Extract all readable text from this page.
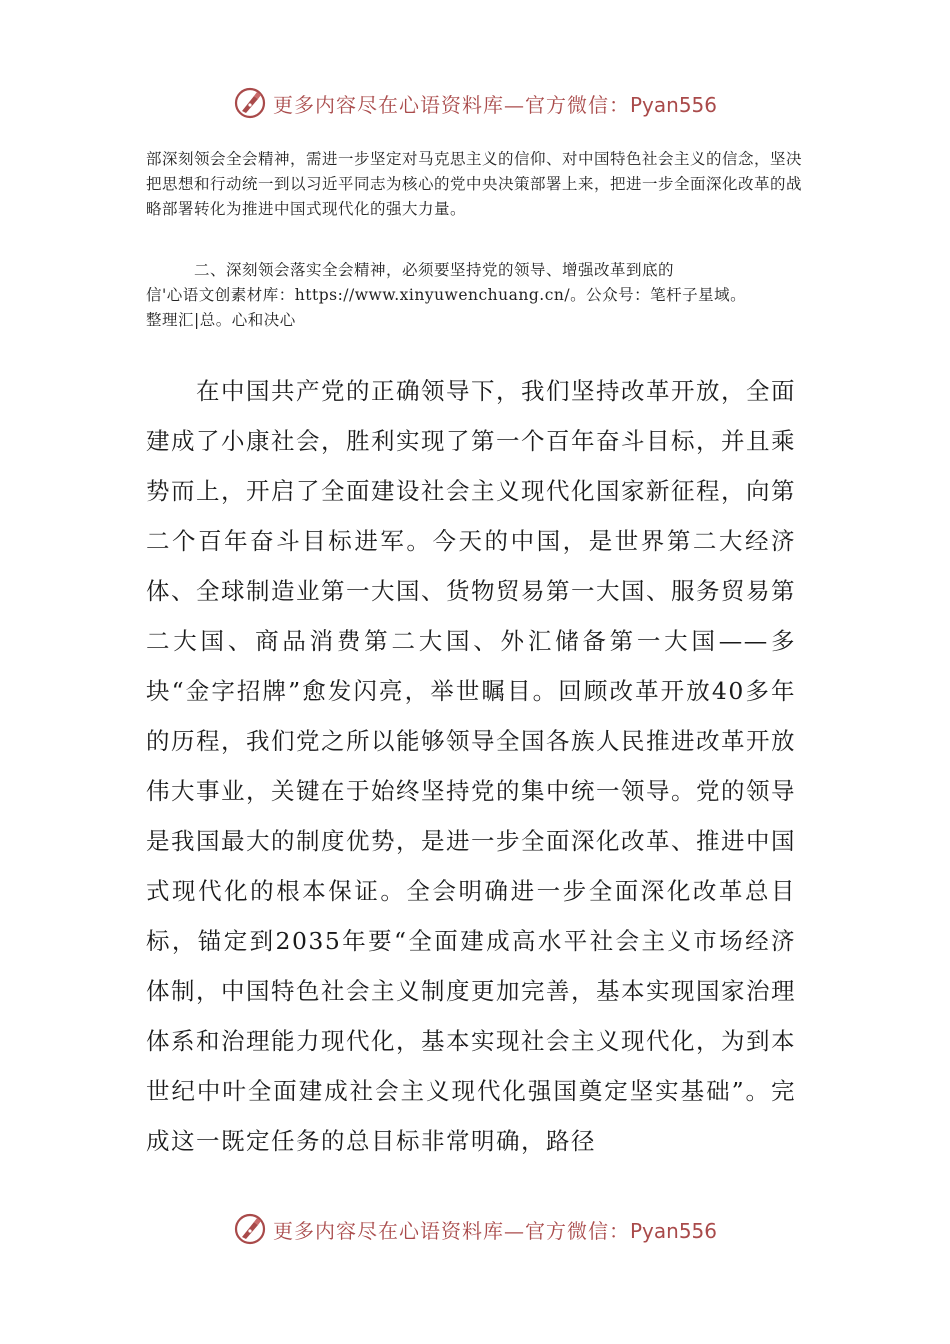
更多内容尽在心语资料库—官方微信：Pyan556

部深刻领会全会精神，需进一步坚定对马克思主义的信仰、对中国特色社会主义的信念，坚决把思想和行动统一到以习近平同志为核心的党中央决策部署上来，把进一步全面深化改革的战略部署转化为推进中国式现代化的强大力量。

二、深刻领会落实全会精神，必须要坚持党的领导、增强改革到底的

信'心语文创素材库：https://www.xinyuwenchuang.cn/。公众号：笔杆子星域。

整理汇|总。心和决心

在中国共产党的正确领导下，我们坚持改革开放，全面建成了小康社会，胜利实现了第一个百年奋斗目标，并且乘势而上，开启了全面建设社会主义现代化国家新征程，向第二个百年奋斗目标进军。今天的中国，是世界第二大经济体、全球制造业第一大国、货物贸易第一大国、服务贸易第二大国、商品消费第二大国、外汇储备第一大国——多块“金字招牌”愈发闪亮，举世瞩目。回顾改革开放40多年的历程，我们党之所以能够领导全国各族人民推进改革开放伟大事业，关键在于始终坚持党的集中统一领导。党的领导是我国最大的制度优势，是进一步全面深化改革、推进中国式现代化的根本保证。全会明确进一步全面深化改革总目标，锚定到2035年要“全面建成高水平社会主义市场经济体制，中国特色社会主义制度更加完善，基本实现国家治理体系和治理能力现代化，基本实现社会主义现代化，为到本世纪中叶全面建成社会主义现代化强国奠定坚实基础”。完成这一既定任务的总目标非常明确，路径

更多内容尽在心语资料库—官方微信：Pyan556
